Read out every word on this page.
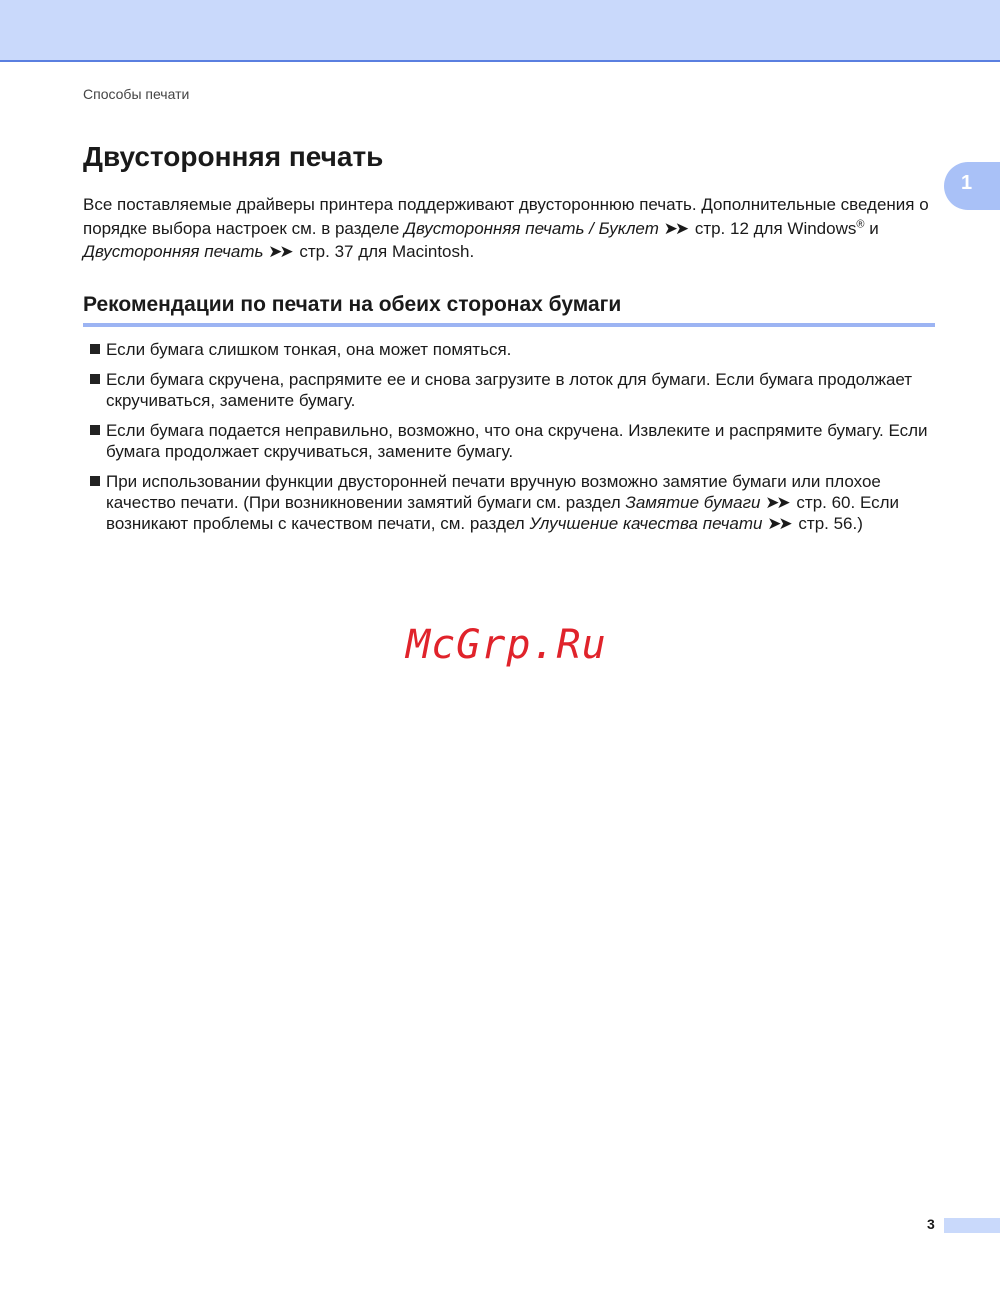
Способы печати
Двусторонняя печать
1

Все поставляемые драйверы принтера поддерживают двустороннюю печать. Дополнительные сведения о порядке выбора настроек см. в разделе Двусторонняя печать / Буклет ➤➤ стр. 12 для Windows® и Двусторонняя печать ➤➤ стр. 37 для Macintosh.

Рекомендации по печати на обеих сторонах бумаги
Если бумага слишком тонкая, она может помяться.
Если бумага скручена, распрямите ее и снова загрузите в лоток для бумаги. Если бумага продолжает скручиваться, замените бумагу.
Если бумага подается неправильно, возможно, что она скручена. Извлеките и распрямите бумагу. Если бумага продолжает скручиваться, замените бумагу.
При использовании функции двусторонней печати вручную возможно замятие бумаги или плохое качество печати. (При возникновении замятий бумаги см. раздел Замятие бумаги ➤➤ стр. 60. Если возникают проблемы с качеством печати, см. раздел Улучшение качества печати ➤➤ стр. 56.)
McGrp.Ru
3
